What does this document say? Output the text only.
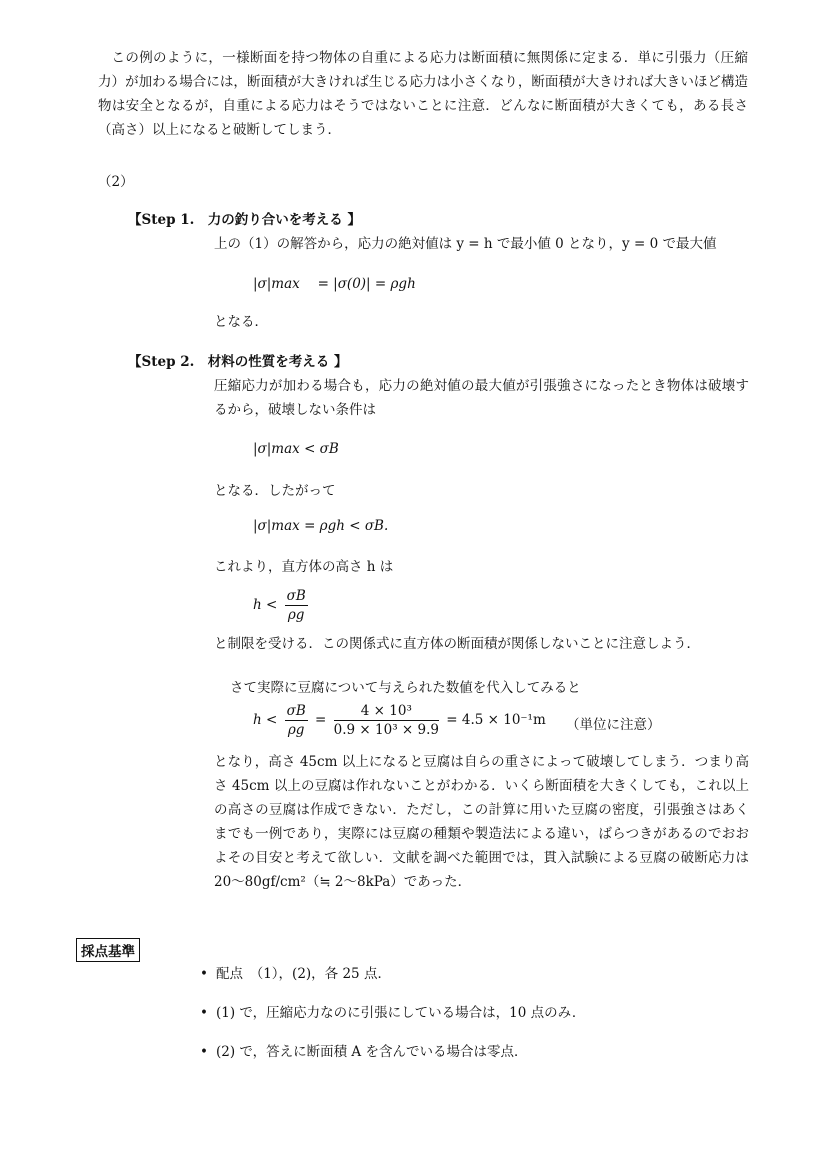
この例のように，一様断面を持つ物体の自重による応力は断面積に無関係に定まる．単に引張力（圧縮力）が加わる場合には，断面積が大きければ生じる応力は小さくなり，断面積が大きければ大きいほど構造物は安全となるが，自重による応力はそうではないことに注意．どんなに断面積が大きくても，ある長さ（高さ）以上になると破断してしまう．
（2）
【Step 1.　力の釣り合いを考える 】
上の（1）の解答から，応力の絶対値は y = h で最小値 0 となり，y = 0 で最大値
|σ|max　 = |σ(0)| = ρgh
となる．
【Step 2.　材料の性質を考える 】
圧縮応力が加わる場合も，応力の絶対値の最大値が引張強さになったとき物体は破壊するから，破壊しない条件は
|σ|max < σB
となる．したがって
|σ|max = ρgh < σB.
これより，直方体の高さ h は
$h < \frac{\sigma B}{\rho g}$
と制限を受ける．この関係式に直方体の断面積が関係しないことに注意しよう．
さて実際に豆腐について与えられた数値を代入してみると
$h < \frac{\sigma B}{\rho g} = \frac{\text{4 × 10³}}{\text{0.9 × 10³ × 9.9}} = 4.5 \times 10^{-1}m$ （単位に注意）
となり，高さ 45cm 以上になると豆腐は自らの重さによって破壊してしまう．つまり高さ 45cm 以上の豆腐は作れないことがわかる．いくら断面積を大きくしても，これ以上の高さの豆腐は作成できない．ただし，この計算に用いた豆腐の密度，引張強さはあくまでも一例であり，実際には豆腐の種類や製造法による違い，ばらつきがあるのでおおよその目安と考えて欲しい．文献を調べた範囲では，貫入試験による豆腐の破断応力は 20〜80gf/cm²（≒ 2〜8kPa）であった．
採点基準
• 配点　（1），(2)，各 25 点．
• (1) で，圧縮応力なのに引張にしている場合は，10 点のみ．
• (2) で，答えに断面積 A を含んでいる場合は零点．
